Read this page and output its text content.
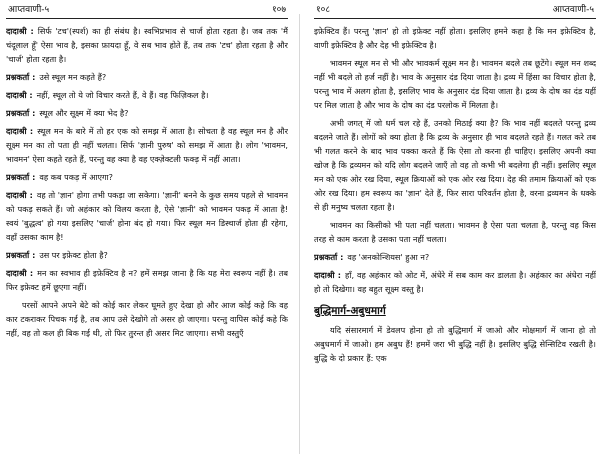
आप्तवाणी-५	१०७

दादाश्री : सिर्फ 'टच'(स्पर्श) का ही संबंध है। स्वभिप्रभाव से चार्ज होता रहता है। जब तक 'मैं चंदूलाल हूँ' ऐसा भाव है, इसका फ़ायदा हूँ, वे सब भाव होते हैं, तब तक 'टच' होता रहता है और 'चार्ज' होता रहता है।

प्रश्नकर्ता : उसे स्थूल मन कहते हैं?

दादाश्री : नहीं, स्थूल तो ये जो विचार करते हैं, वे हैं। वह फिज़िकल है।

प्रश्नकर्ता : स्थूल और सूक्ष्म में क्या भेद है?

दादाश्री : स्थूल मन के बारे में तो हर एक को समझ में आता है। सोचता है वह स्थूल मन है और सूक्ष्म मन का तो पता ही नहीं चलता। सिर्फ 'ज्ञानी पुरुष' को समझ में आता है। लोग 'भावमन, भावमन' ऐसा कहते रहते हैं, परन्तु वह क्या है वह एक्ज़ेक्टली फक्ड़ में नहीं आता।

प्रश्नकर्ता : वह कब पकड़ में आएगा?

दादाश्री : वह तो 'ज्ञान' होगा तभी पकड़ा जा सकेगा। 'ज्ञानी' बनने के कुछ समय पहले से भावमन को पकड़ सकते हैं। जो अहंकार को विलय करता है, ऐसे 'ज्ञानी' को भावमन पकड़ में आता है! स्वयं 'बुद्धत्व' हो गया इसलिए 'चार्ज' होना बंद हो गया। फिर स्थूल मन डिस्चार्ज होता ही रहेगा, वहाँ उसका काम है!

प्रश्नकर्ता : उस पर इफ़ेक्ट होता है?

दादाश्री : मन का स्वभाव ही इफ़ेक्टिव है न? हमें समझ जाना है कि यह मेरा स्वरूप नहीं है। तब फिर इफ़ेक्ट हमें छूएगा नहीं।

परसों आपने अपने बेटे को कोई कार लेकर घूमते हुए देखा हो और आज कोई कहे कि वह कार टकराकर पिचक गई है, तब आप उसे देखोगे तो असर हो जाएगा। परन्तु वापिस कोई कहे कि नहीं, वह तो कल ही बिक गई थी, तो फिर तुरन्त ही असर मिट जाएगा। सभी वस्तुएँ

१०८	आप्तवाणी-५

इफ़ेक्टिव हैं। परन्तु 'ज्ञान' हो तो इफ़ेक्ट नहीं होता। इसलिए हमने कहा है कि मन इफ़ेक्टिव है, वाणी इफ़ेक्टिव है और देह भी इफ़ेक्टिव है।

भावमन स्थूल मन से भी और भावकर्म सूक्ष्म मन है। भावमन बदले तब छूटेंगे। स्थूल मन शब्द नहीं भी बदले तो हर्ज नहीं है। भाव के अनुसार दंड दिया जाता है। द्रव्य में हिंसा का विचार होता है, परन्तु भाव में अलग होता है, इसलिए भाव के अनुसार दंड दिया जाता है। द्रव्य के दोष का दंड यहीं पर मिल जाता है और भाव के दोष का दंड परलोक में मिलता है।

अभी जगत् में जो धर्म चल रहे हैं, उनको मिठाई क्या है? कि भाव नहीं बदलते परन्तु द्रव्य बदलने जाते हैं। लोगों को क्या होता है कि द्रव्य के अनुसार ही भाव बदलते रहते हैं। गलत करे तब भी गलत करने के बाद भाव पक्का करते हैं कि ऐसा तो करना ही चाहिए। इसलिए अपनी क्या खोज है कि द्रव्यमन को यदि लोग बदलने जाएँ तो वह तो कभी भी बदलेगा ही नहीं। इसलिए स्थूल मन को एक ओर रख दिया, स्थूल क्रियाओं को एक ओर रख दिया। देह की तमाम क्रियाओं को एक ओर रख दिया। हम स्वरूप का 'ज्ञान' देते हैं, फिर सारा परिवर्तन होता है, वरना द्रव्यमन के धक्के से ही मनुष्य चलता रहता है।

भावमन का किसीको भी पता नहीं चलता। भावमन है ऐसा पता चलता है, परन्तु वह किस तरह से काम करता है उसका पता नहीं चलता।

प्रश्नकर्ता : वह 'अनकोन्शियस' हुआ न?

दादाश्री : हाँ, वह अहंकार को ओट में, अंधेरे में सब काम कर डालता है। अहंकार का अंधेरा नहीं हो तो दिखेगा। वह बहुत सूक्ष्म वस्तु है।

बुद्धिमार्ग-अबुधमार्ग

यदि संसारमार्ग में डेवलप होना हो तो बुद्धिमार्ग में जाओ और मोक्षमार्ग में जाना हो तो अबुधमार्ग में जाओ। हम अबुध हैं! हममें जरा भी बुद्धि नहीं है। इसलिए बुद्धि सेन्सिटिव रखती है। बुद्धि के दो प्रकार हैं: एक
